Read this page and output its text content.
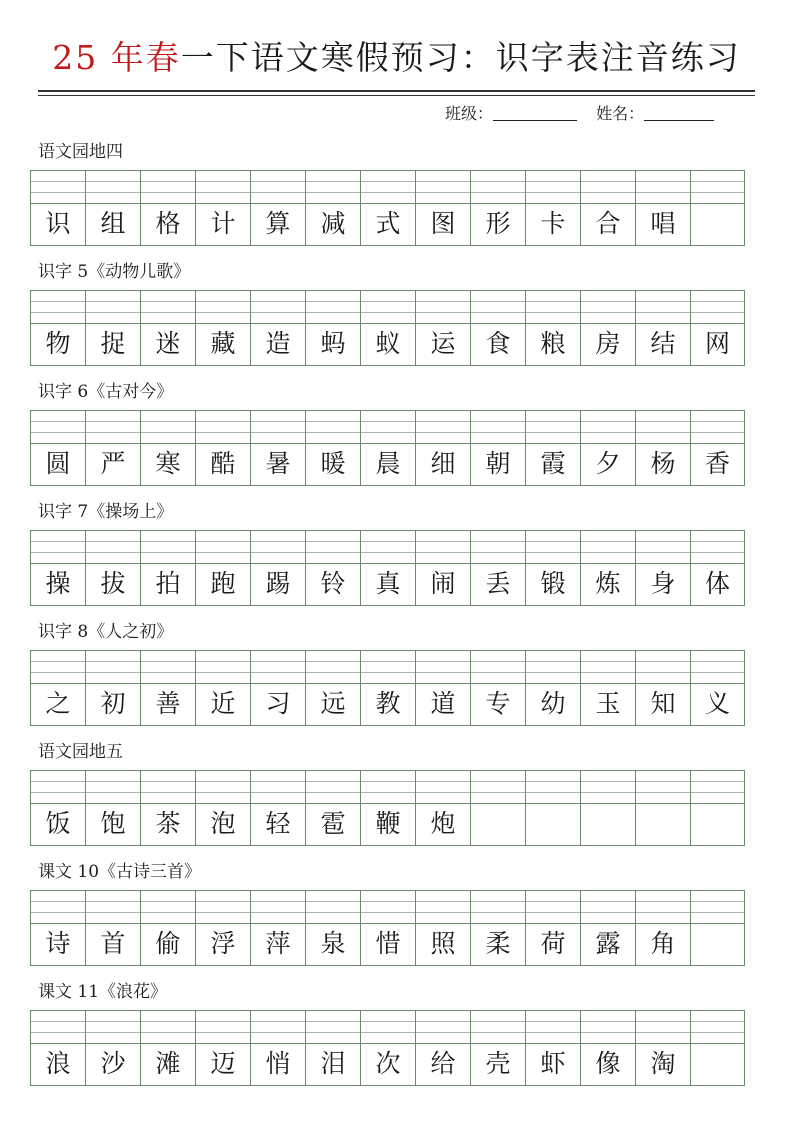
25 年春一下语文寒假预习：识字表注音练习
班级：	姓名：
语文园地四
识	组	格	计	算	减	式	图	形	卡	合	唱
识字 5《动物儿歌》
物	捉	迷	藏	造	蚂	蚁	运	食	粮	房	结	网
识字 6《古对今》
圆	严	寒	酷	暑	暖	晨	细	朝	霞	夕	杨	香
识字 7《操场上》
操	拔	拍	跑	踢	铃	真	闹	丢	锻	炼	身	体
识字 8《人之初》
之	初	善	近	习	远	教	道	专	幼	玉	知	义
语文园地五
饭	饱	茶	泡	轻	雹	鞭	炮
课文 10《古诗三首》
诗	首	偷	浮	萍	泉	惜	照	柔	荷	露	角
课文 11《浪花》
浪	沙	滩	迈	悄	泪	次	给	壳	虾	像	淘
